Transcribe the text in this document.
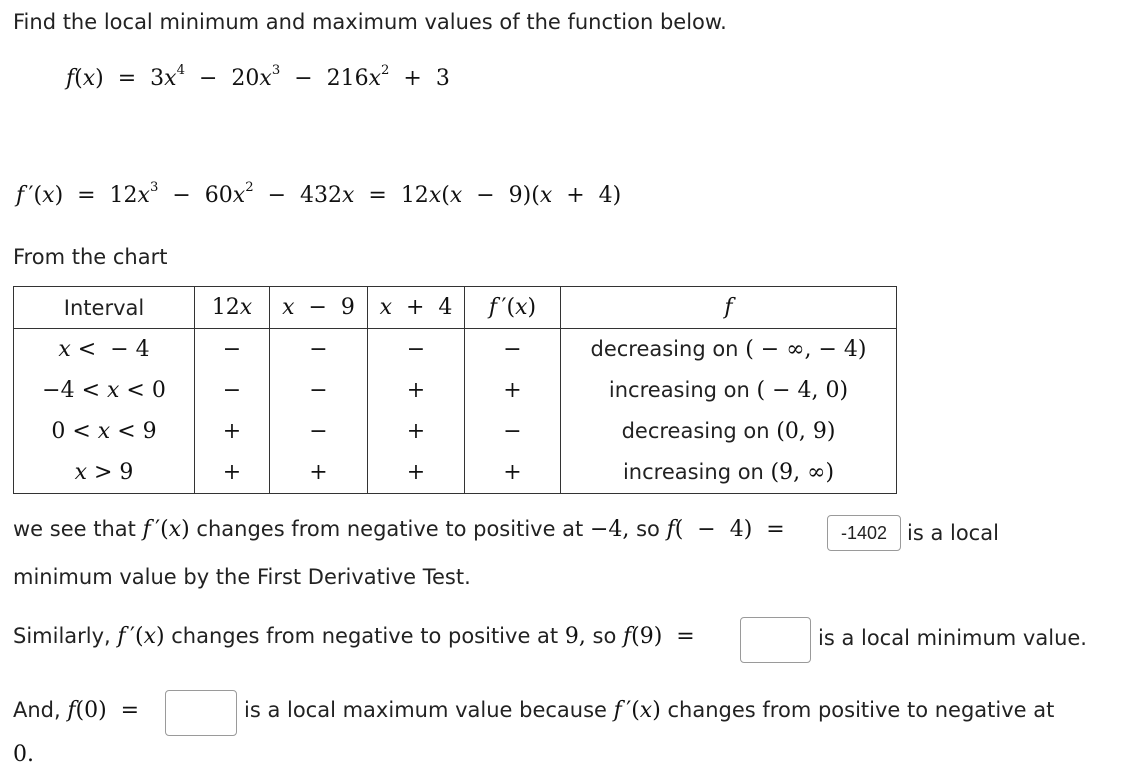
Find the local minimum and maximum values of the function below.
$f(x) = 3x^4 - 20x^3 - 216x^2 + 3$
f $'(x) = 12x^3 - 60x^2 - 432x = 12x(x - 9)(x + 4)$
From the chart
Interval	12x	x  −  9	x  +  4	f ′(x)	f
x <  − 4	−	−	−	−	decreasing on ( − ∞, − 4)
−4 < x < 0	−	−	+	+	increasing on ( − 4, 0)
0 < x < 9	+	−	+	−	decreasing on (0, 9)
x > 9	+	+	+	+	increasing on (9, ∞)
we see that f ′(x) changes from negative to positive at −4, so f(  −  4)  =	-1402 is a local
minimum value by the First Derivative Test.
Similarly, f ′(x) changes from negative to positive at 9, so f(9)  =	is a local minimum value.
And, f(0)  =	is a local maximum value because f ′(x) changes from positive to negative at
0.
